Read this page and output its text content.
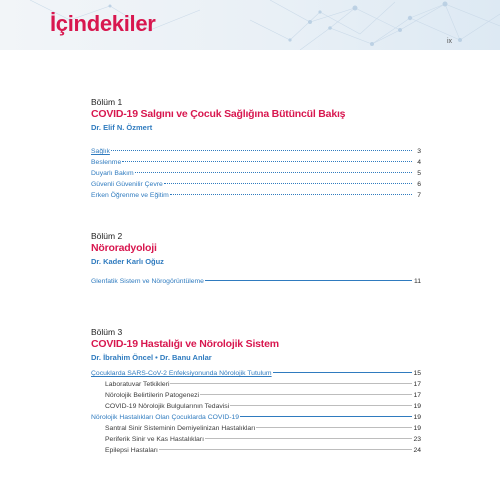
İçindekiler
ix
Bölüm 1
COVID-19 Salgını ve Çocuk Sağlığına Bütüncül Bakış
Dr. Elif N. Özmert
Sağlık	3
Beslenme	4
Duyarlı Bakım	5
Güvenli Güvenilir Çevre	6
Erken Öğrenme ve Eğitim	7
Bölüm 2
Nöroradyoloji
Dr. Kader Karlı Oğuz
Glenfatik Sistem ve Nörogörüntüleme	11
Bölüm 3
COVID-19 Hastalığı ve Nörolojik Sistem
Dr. İbrahim Öncel • Dr. Banu Anlar
Çocuklarda SARS-CoV-2 Enfeksiyonunda Nörolojik Tutulum	15
Laboratuvar Tetkikleri	17
Nörolojik Belirtilerin Patogenezi	17
COVID-19 Nörolojik Bulgularının Tedavisi	19
Nörolojik Hastalıkları Olan Çocuklarda COVID-19	19
Santral Sinir Sisteminin Demiyelinizan Hastalıkları	19
Periferik Sinir ve Kas Hastalıkları	23
Epilepsi Hastaları	24
